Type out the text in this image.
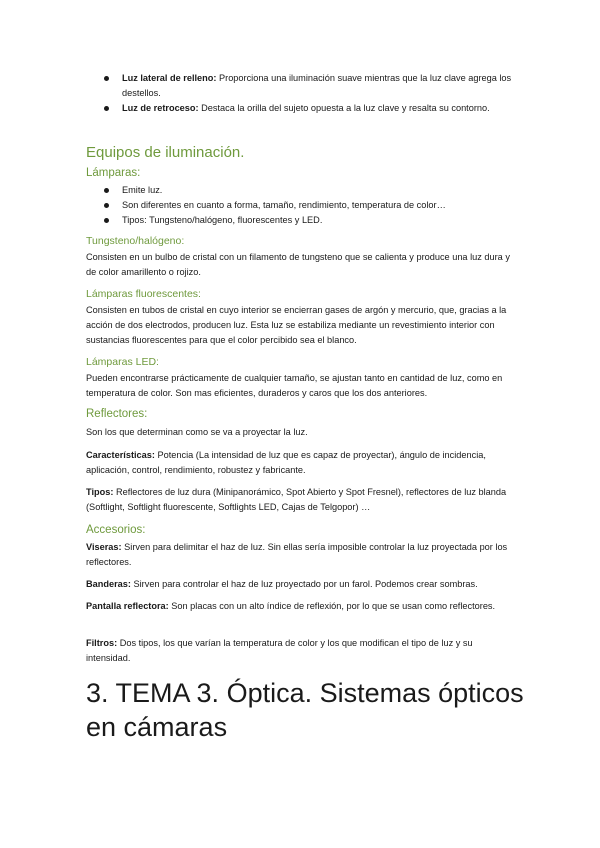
Luz lateral de relleno: Proporciona una iluminación suave mientras que la luz clave agrega los destellos.
Luz de retroceso: Destaca la orilla del sujeto opuesta a la luz clave y resalta su contorno.
Equipos de iluminación.
Lámparas:
Emite luz.
Son diferentes en cuanto a forma, tamaño, rendimiento, temperatura de color…
Tipos: Tungsteno/halógeno, fluorescentes y LED.
Tungsteno/halógeno:
Consisten en un bulbo de cristal con un filamento de tungsteno que se calienta y produce una luz dura y de color amarillento o rojizo.
Lámparas fluorescentes:
Consisten en tubos de cristal en cuyo interior se encierran gases de argón y mercurio, que, gracias a la acción de dos electrodos, producen luz. Esta luz se estabiliza mediante un revestimiento interior con sustancias fluorescentes para que el color percibido sea el blanco.
Lámparas LED:
Pueden encontrarse prácticamente de cualquier tamaño, se ajustan tanto en cantidad de luz, como en temperatura de color. Son mas eficientes, duraderos y caros que los dos anteriores.
Reflectores:
Son los que determinan como se va a proyectar la luz.
Características: Potencia (La intensidad de luz que es capaz de proyectar), ángulo de incidencia, aplicación, control, rendimiento, robustez y fabricante.
Tipos: Reflectores de luz dura (Minipanorámico, Spot Abierto y Spot Fresnel), reflectores de luz blanda (Softlight, Softlight fluorescente, Softlights LED, Cajas de Telgopor) …
Accesorios:
Viseras: Sirven para delimitar el haz de luz. Sin ellas sería imposible controlar la luz proyectada por los reflectores.
Banderas: Sirven para controlar el haz de luz proyectado por un farol. Podemos crear sombras.
Pantalla reflectora: Son placas con un alto índice de reflexión, por lo que se usan como reflectores.
Filtros: Dos tipos, los que varían la temperatura de color y los que modifican el tipo de luz y su intensidad.
3. TEMA 3. Óptica. Sistemas ópticos en cámaras
